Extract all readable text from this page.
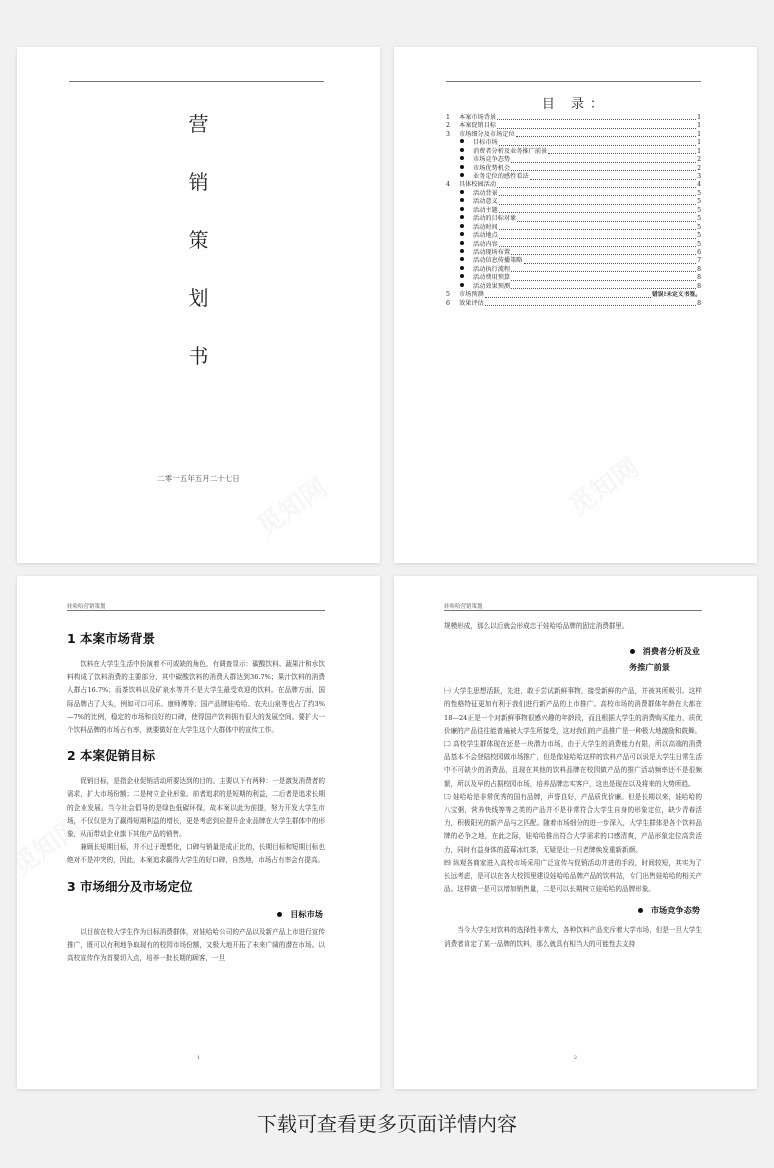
营
销
策
划
书
二零一五年五月二十七日
目 录：
1	本案市场背景	1
2	本案促销目标	1
3	市场细分及市场定位	1
目标市场	1
消费者分析及业务推广前景	1
市场竞争态势	2
市场优势机会	2
业务定位的感性看法	3
4	具体校园活动	4
活动背景	5
活动意义	5
活动主题	5
活动的目标对象	5
活动时间	5
活动地点	5
活动内容	5
活动现场布置	6
活动信息传播策略	7
活动执行流程	8
活动费用预算	8
活动效果预测	8
5	市场预测	错误!未定义书签。
6	效果评估	8
娃哈哈营销策划
1 本案市场背景

饮料在大学生生活中扮演着不可或缺的角色，有调查显示：碳酸饮料、蔬果汁和水饮料构成了饮料消费的主要部分，其中碳酸饮料的消费人群达到36.7%；果汁饮料的消费人群占16.7%；而茶饮料以及矿泉水等并不是大学生最受欢迎的饮料。在品牌方面，国际品牌占了大头，例如可口可乐、康师傅等；国产品牌娃哈哈、农夫山泉等也占了约3%—7%的比例，稳定的市场和良好的口碑，使得国产饮料拥有很大的发展空间。要扩大一个饮料品牌的市场占有率，就要做好在大学生这个大群体中的宣传工作。

2 本案促销目标

促销目标，是指企业促销活动所要达到的目的。主要以下有两种：一是激发消费者的需求，扩大市场份额；二是树立企业形象。前者追求的是短期的利益，二后者是追求长期的企业发展。当今社会倡导的是绿色低碳环保，故本案以此为前提，努力开发大学生市场，不仅仅是为了赢得短期利益的增长，更是考虑到应提升企业品牌在大学生群体中的形象，从而带动企业旗下其他产品的销售。

兼顾长短期目标，并不过于理想化，口碑与销量是成正比的，长期目标和短期目标也绝对不是冲突的，因此，本案追求赢得大学生的好口碑，自然地，市场占有率会有提高。

3 市场细分及市场定位
目标市场

以目前在校大学生作为目标消费群体，对娃哈哈公司的产品以及新产品上市进行宣传推广，既可以有利地争取现有的校园市场份额，又极大地开拓了未来广阔的潜在市场。以高校宣传作为首要切入点，培养一批长期的顾客，一旦

1
娃哈哈营销策划

规模形成，那么以后就会形成忠于娃哈哈品牌的固定消费群里。

消费者分析及业
务推广前景

㈠ 大学生思想活跃，先进，敢于尝试新鲜事物，接受新鲜的产品，并被其所吸引。这样的性格特征更加有利于我们进行新产品的上市推广。高校市场的消费群体年龄在大都在18—24正是一个对新鲜事物很感兴趣的年龄段，而且根据大学生的消费购买能力，质优价廉的产品往往能普遍被大学生所接受，这对我们的产品推广是一种极大地激励和鼓舞。

㈡ 高校学生群体现在还是一块潜力市场，由于大学生的消费能力有限，所以高端的消费品基本不会登陆校园做市场推广，但是像娃哈哈这样的饮料产品可以说是大学生日常生活中不可缺少的消费品，且现在其他的饮料品牌在校园做产品的推广活动频率还不是很频繁，所以及早的占据校园市场，培养品牌忠实客户，这也是现在以及将来的大势所趋。

㈢ 娃哈哈是非常优秀的国有品牌，声誉良好，产品质优价廉。但是长期以来，娃哈哈的八宝粥，营养快线等等之类的产品并不是非常符合大学生自身的形象定位，缺少青春活力，积极阳光的新产品与之匹配。随着市场细分的进一步深入，大学生群体是各个饮料品牌的必争之地，在此之际，娃哈哈推出符合大学需求的口感清爽，产品形象定位高贵活力，同时有益身体的蓝莓冰红茶，无疑是让一只老牌焕发重新新颜。

㈣ 纵观各商家进入高校市场采用广泛宣传与促销活动并进的手段，时间较短，其实为了长远考虑，是可以在各大校园里建设娃哈哈品牌产品的饮料站，专门出售娃哈哈的相关产品。这样做一是可以增加销售量，二是可以长期树立娃哈哈的品牌形象。

市场竞争态势

当今大学生对饮料的选择性非常大，各种饮料产品充斥着大学市场，但是一旦大学生消费者肯定了某一品牌的饮料，那么就具有相当大的可能性去支持

2
下载可查看更多页面详情内容
